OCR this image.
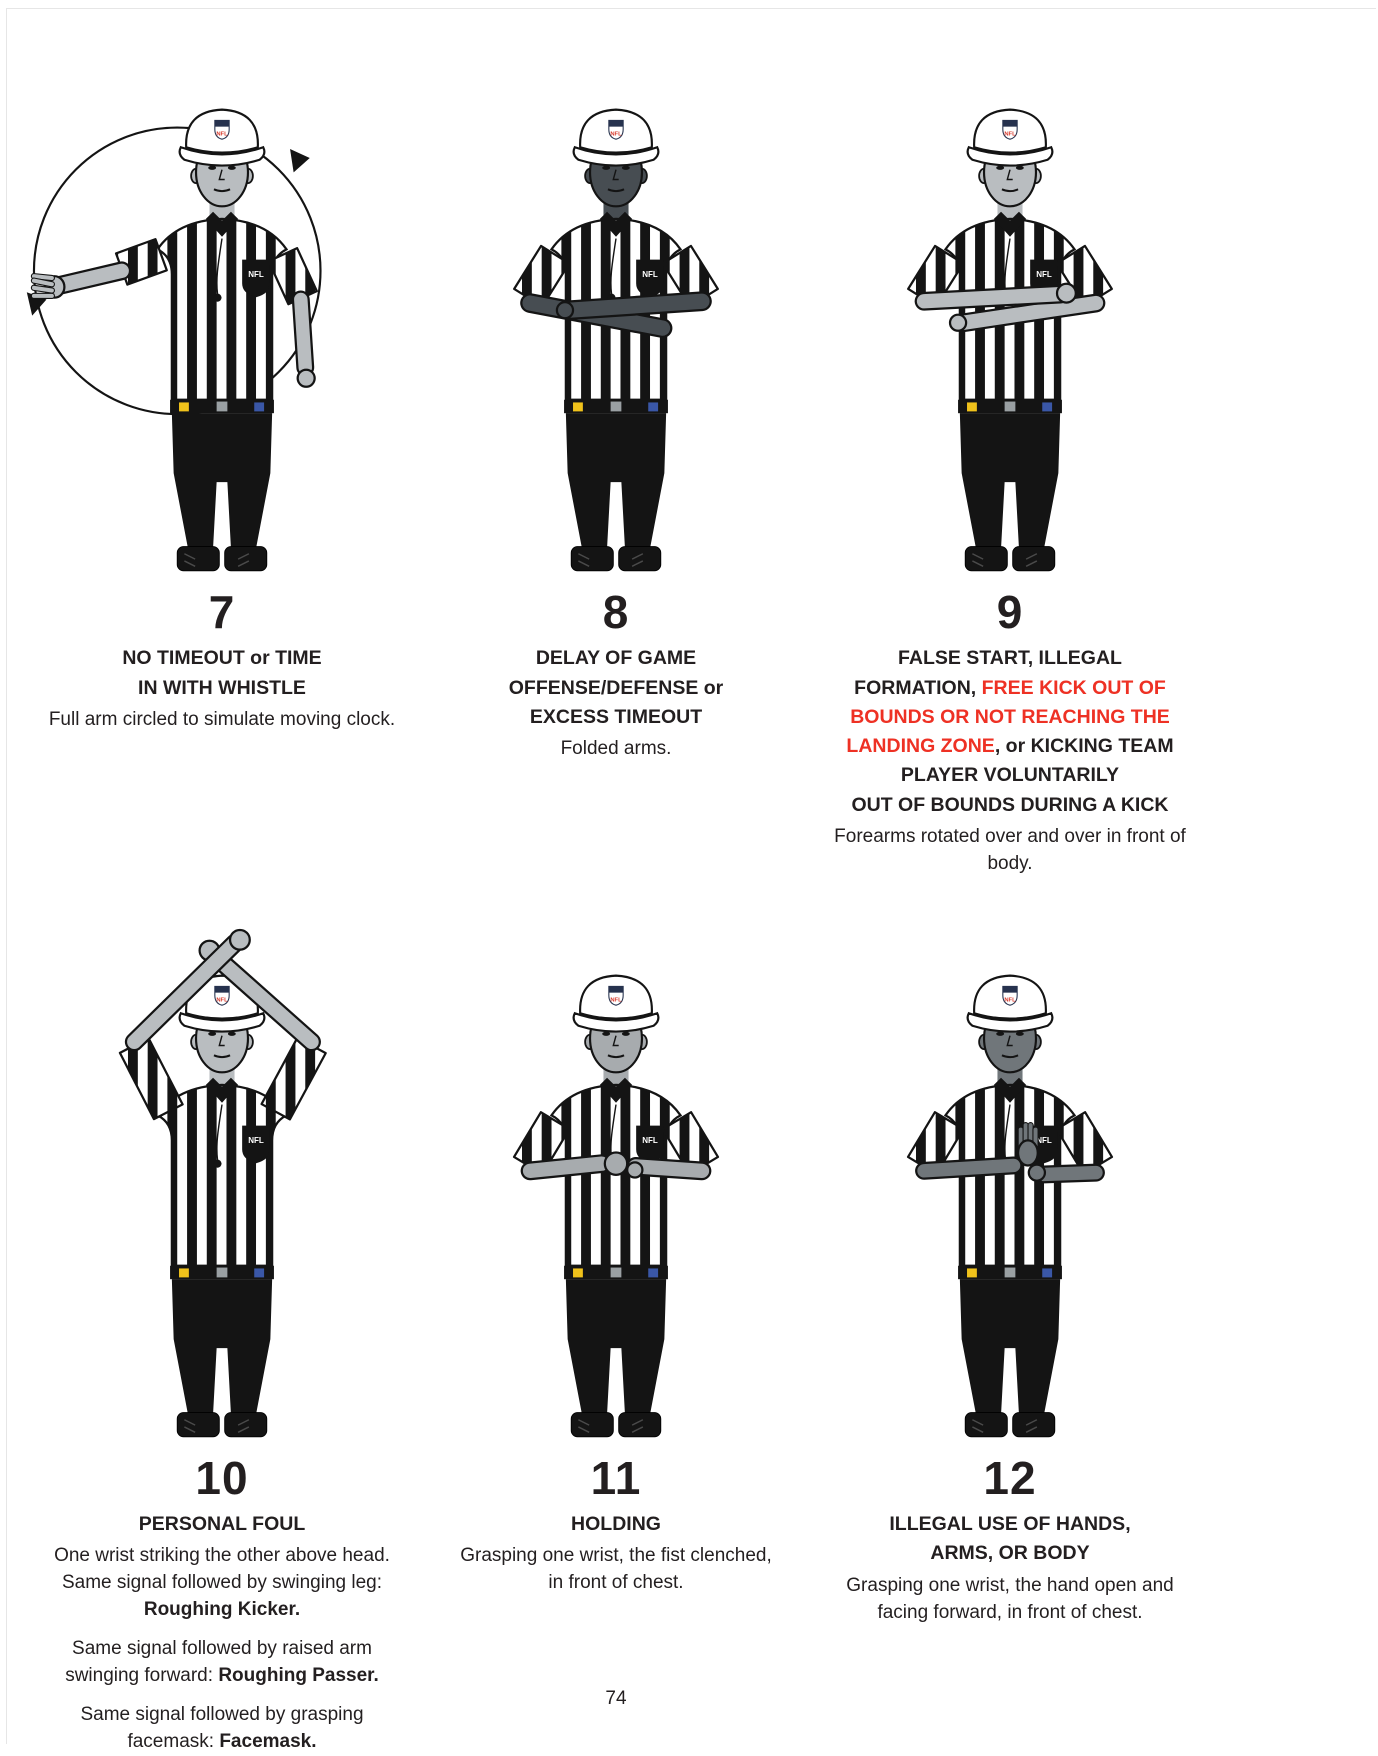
NFL
NFL
7
NO TIMEOUT or TIME
IN WITH WHISTLE
Full arm circled to simulate moving clock.
NFL
NFL
8
DELAY OF GAME
OFFENSE/DEFENSE or
EXCESS TIMEOUT
Folded arms.
NFL
NFL
9
FALSE START, ILLEGAL
FORMATION, FREE KICK OUT OF
BOUNDS OR NOT REACHING THE
LANDING ZONE, or KICKING TEAM
PLAYER VOLUNTARILY
OUT OF BOUNDS DURING A KICK
Forearms rotated over and over in front of body.
NFL
NFL
10
PERSONAL FOUL
One wrist striking the other above head.
Same signal followed by swinging leg:
Roughing Kicker.
Same signal followed by raised arm
swinging forward: Roughing Passer.
Same signal followed by grasping
facemask: Facemask.
NFL
NFL
11
HOLDING
Grasping one wrist, the fist clenched,
in front of chest.
NFL
NFL
12
ILLEGAL USE OF HANDS,
ARMS, OR BODY
Grasping one wrist, the hand open and
facing forward, in front of chest.
74
